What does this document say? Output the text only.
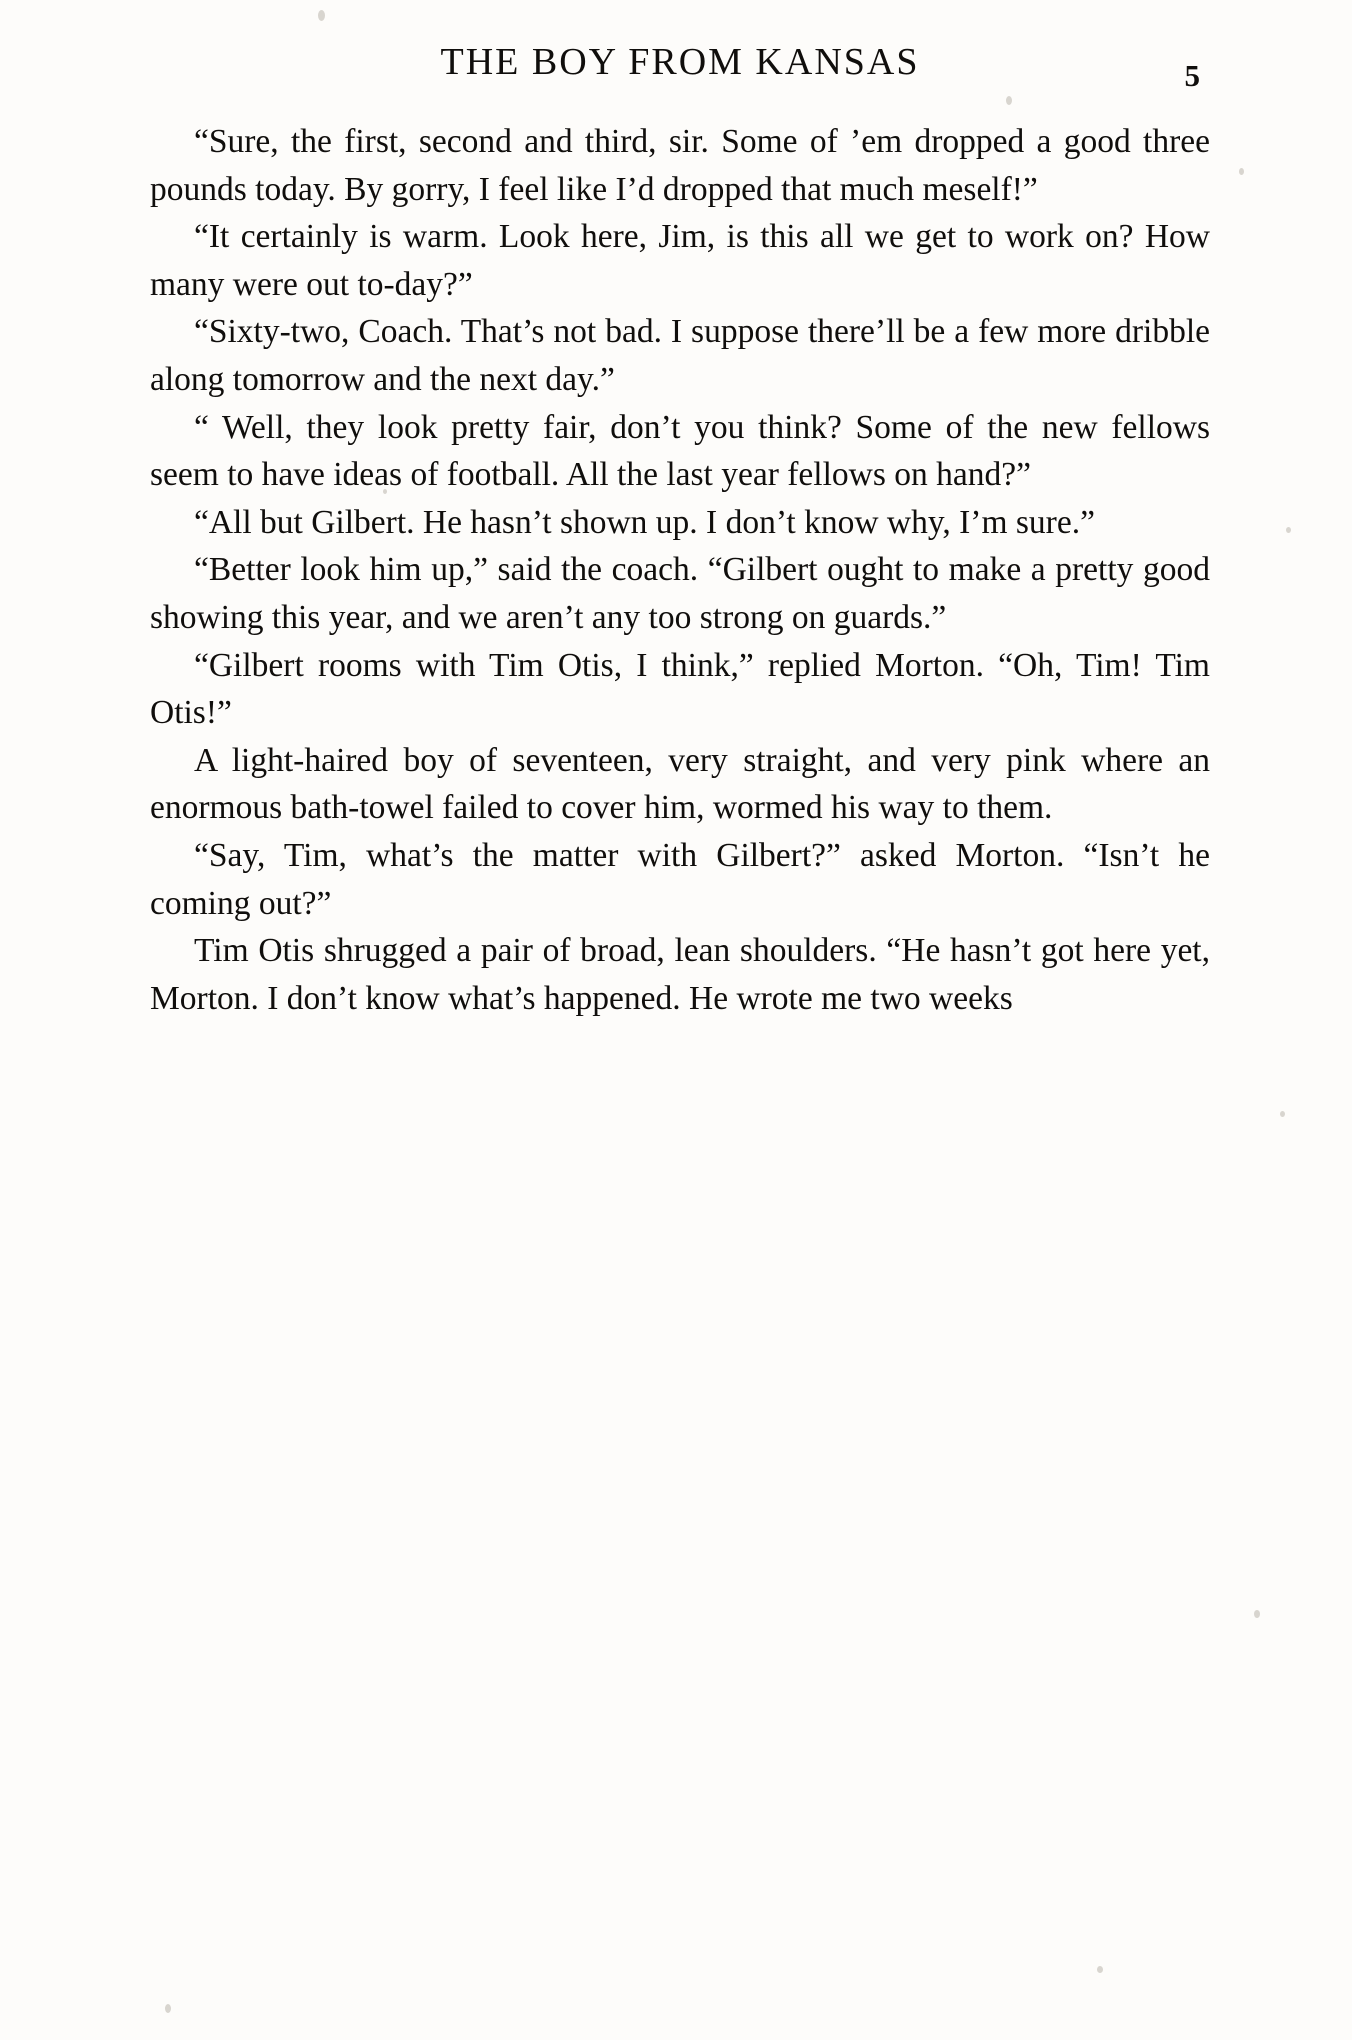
THE BOY FROM KANSAS	5

“Sure, the first, second and third, sir. Some of ’em dropped a good three pounds today. By gorry, I feel like I’d dropped that much meself!”

“It certainly is warm. Look here, Jim, is this all we get to work on? How many were out to-day?”

“Sixty-two, Coach. That’s not bad. I suppose there’ll be a few more dribble along tomorrow and the next day.”

“ Well, they look pretty fair, don’t you think? Some of the new fellows seem to have ideas of football. All the last year fellows on hand?”

“All but Gilbert. He hasn’t shown up. I don’t know why, I’m sure.”

“Better look him up,” said the coach. “Gilbert ought to make a pretty good showing this year, and we aren’t any too strong on guards.”

“Gilbert rooms with Tim Otis, I think,” replied Morton. “Oh, Tim! Tim Otis!”

A light-haired boy of seventeen, very straight, and very pink where an enormous bath-towel failed to cover him, wormed his way to them.

“Say, Tim, what’s the matter with Gilbert?” asked Morton. “Isn’t he coming out?”

Tim Otis shrugged a pair of broad, lean shoulders. “He hasn’t got here yet, Morton. I don’t know what’s happened. He wrote me two weeks
